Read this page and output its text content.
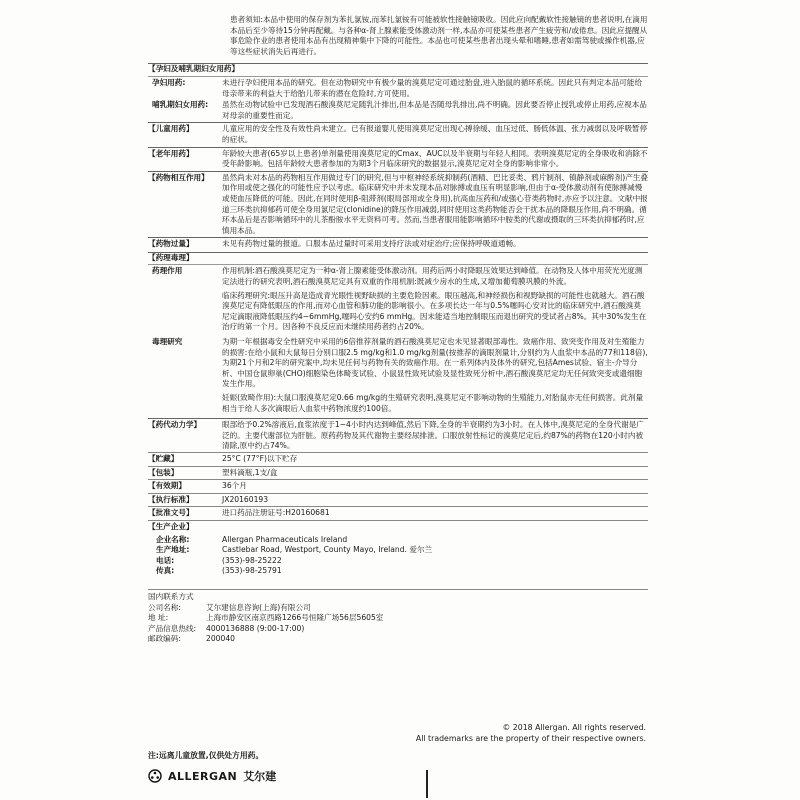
患者须知:本品中使用的保存剂为苯扎氯铵,而苯扎氯铵有可能被软性接触镜吸收。因此应向配戴软性接触镜的患者说明,在滴用本品后至少等待15分钟再配戴。与各种α-肾上腺素能受体激动剂一样,本品亦可使某些患者产生疲劳和/或倦怠。因此应提醒从事危险作业的患者使用本品有出现精神集中下降的可能性。本品也可使某些患者出现头晕和嗜睡,患者如需驾驶或操作机器,应等这些症状消失后再进行。
【孕妇及哺乳期妇女用药】
孕妇用药:	未进行孕妇使用本品的研究。但在动物研究中有极少量的溴莫尼定可通过胎盘,进入胎鼠的循环系统。因此只有判定本品可能给母亲带来的利益大于给胎儿带来的潜在危险时,方可使用。
哺乳期妇女用药:	虽然在动物试验中已发现酒石酸溴莫尼定随乳汁排出,但本品是否随母乳排出,尚不明确。因此要否停止授乳或停止用药,应视本品对母亲的重要性而定。
【儿童用药】	儿童应用的安全性及有效性尚未建立。已有报道婴儿使用溴莫尼定出现心搏徐缓、血压过低、肠低体温、张力减弱以及呼吸暂停的症状。
【老年用药】	年龄较大患者(65岁以上患者)单剂量使用溴莫尼定的Cmax、AUC以及半衰期与年轻人相同。表明溴莫尼定的全身吸收和消除不受年龄影响。包括年龄较大患者参加的为期3个月临床研究的数据显示,溴莫尼定对全身的影响非常小。
【药物相互作用】	虽然尚未对本品的药物相互作用做过专门的研究,但与中枢神经系统抑制药(酒精、巴比妥类、鸦片制剂、镇静剂或麻醉剂)产生叠加作用或使之强化的可能性应予以考虑。临床研究中并未发现本品对脉搏或血压有明显影响,但由于α-受体激动剂有使脉搏减慢或使血压降低的可能。因此,在同时使用β-阻滞剂(眼局部用或全身用),抗高血压药和/或强心苷类药物时,亦应予以注意。文献中报道三环类抗抑郁药可使全身用氯尼定(clonidine)的降压作用减弱,同时使用这类药物能否会干扰本品的降眼压作用,尚不明确。循环本品后是否影响循环中的儿茶酚胺水平无资料可考。然而,当患者服用能影响循环中胺类的代谢或摄取的三环类抗抑郁药时,应慎用本品。
【药物过量】	未见有药物过量的报道。口服本品过量时可采用支持疗法或对症治疗;应保持呼吸道通畅。
【药理毒理】
药理作用	作用机制:酒石酸溴莫尼定为一种α-肾上腺素能受体激动剂。用药后两小时降眼压效果达到峰值。在动物及人体中用荧光光度测定法进行的研究表明,酒石酸溴莫尼定具有双重的作用机制:既减少房水的生成,又增加葡萄膜巩膜的外流。
临床药理研究:眼压升高是造成青光眼性视野缺损的主要危险因素。眼压越高,和神经损伤和视野缺损的可能性也就越大。酒石酸溴莫尼定有降低眼压的作用,而对心血管和肺功能的影响很小。在多项长达一年与0.5%噻吗心安对比的临床研究中,酒石酸溴莫尼定滴眼液降低眼压约4~6mmHg,噻吗心安约6 mmHg。因未能适当地控制眼压而退出研究的受试者占8%。其中30%发生在治疗的第一个月。因各种不良反应而未继续用药者约占20%。
毒理研究	为期一年根据毒安全性研究中采用的6倍推荐剂量的酒石酸溴莫尼定也未见显著眼部毒性。致癌作用、致突变作用及对生殖能力的损害:在给小鼠和大鼠每日分别口服2.5 mg/kg和1.0 mg/kg剂量(按推荐的滴眼剂量计,分别约为人血浆中本品的77和118倍),为期21个月和2年的研究案中,均未见任何与药物有关的致癌作用。在一系列体内及体外的研究,包括Ames试验、宿主-介导分析、中国仓鼠卵巢(CHO)细胞染色体畸变试验、小鼠显性致死试验及显性致死分析中,酒石酸溴莫尼定均无任何致突变或遗细胞发生作用。
妊娠(致畸作用):大鼠口服溴莫尼定0.66 mg/kg的生殖研究表明,溴莫尼定不影响动物的生殖能力,对胎鼠亦无任何损害。此剂量相当于给人多次滴眼后人血浆中药物浓度约100倍。
【药代动力学】	眼部给予0.2%溶液后,血浆浓度于1~4小时内达到峰值,然后下降,全身的半衰期约为3小时。在人体中,溴莫尼定的全身代谢是广泛的。主要代谢部位为肝脏。原药药物及其代谢物主要经尿排泄。口服放射性标记的溴莫尼定后,约87%的药物在120小时内被清除,原中约占74%。
【贮藏】	25°C (77°F)以下贮存
【包装】	塑料滴瓶,1支/盒
【有效期】	36个月
【执行标准】	JX20160193
【批准文号】	进口药品注册证号:H20160681
【生产企业】
企业名称:	Allergan Pharmaceuticals Ireland
生产地址:	Castlebar Road, Westport, County Mayo, Ireland. 爱尔兰
电话:	(353)-98-25222
传真:	(353)-98-25791
国内联系方式
公司名称:	艾尔建信息咨询(上海)有限公司
地 址:	上海市静安区南京西路1266号恒隆广场56层5605室
产品信息热线:	4000136888 (9:00-17:00)
邮政编码:	200040
© 2018 Allergan. All rights reserved.
All trademarks are the property of their respective owners.
注:远离儿童放置,仅供处方用药。
ALLERGAN 艾尔建
